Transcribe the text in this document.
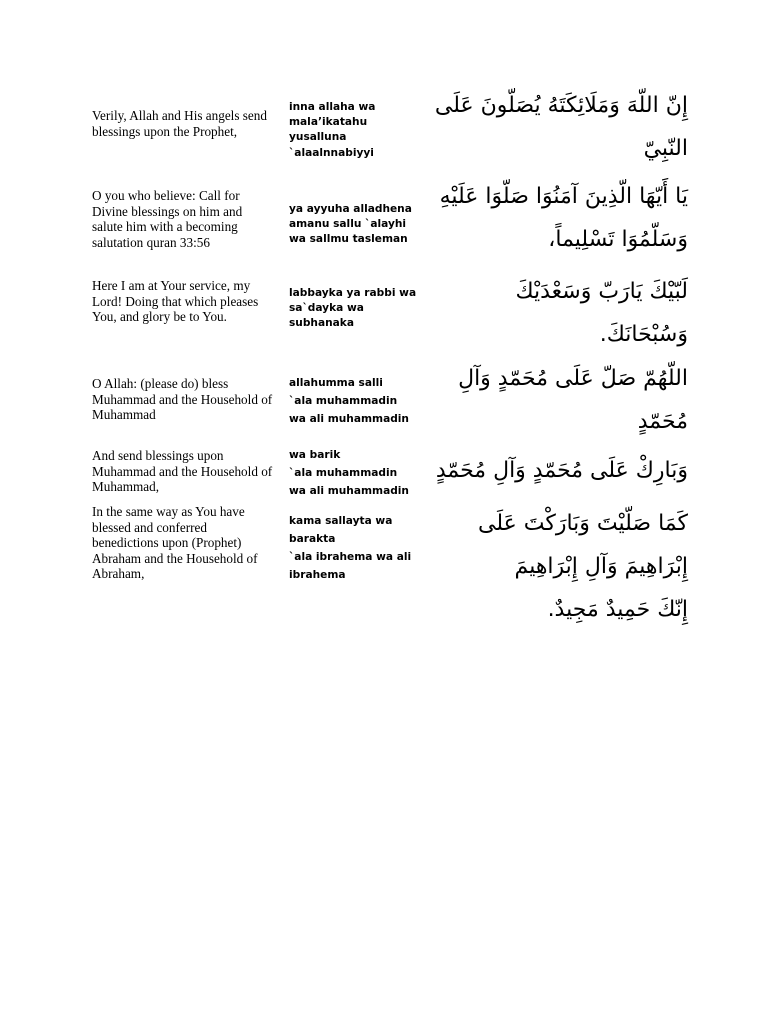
Verily, Allah and His angels send blessings upon the Prophet,
inna allaha wa
mala’ikatahu
yusalluna
`alaalnnabiyyi
إِنّ اللّهَ وَمَلَائِكَتَهُ يُصَلّونَ عَلَى
النّبِيّ
O you who believe: Call for Divine blessings on him and salute him with a becoming salutation quran 33:56
ya ayyuha alladhena
amanu sallu `alayhi
wa sallmu tasleman
يَا أَيّهَا الّذِينَ آمَنُوَا صَلّوَا عَلَيْهِ
وَسَلّمُوَا تَسْلِيماً،
Here I am at Your service, my Lord! Doing that which pleases You, and glory be to You.
labbayka ya rabbi wa
sa`dayka wa
subhanaka
لَبّيْكَ يَارَبّ وَسَعْدَيْكَ
وَسُبْحَانَكَ.
O Allah: (please do) bless Muhammad and the Household of Muhammad
allahumma salli
`ala muhammadin
wa ali muhammadin
اللّهُمّ صَلّ عَلَى مُحَمّدٍ وَآلِ
مُحَمّدٍ
And send blessings upon Muhammad and the Household of Muhammad,
wa barik
`ala muhammadin
wa ali muhammadin
وَبَارِكْ عَلَى مُحَمّدٍ وَآلِ مُحَمّدٍ
In the same way as You have blessed and conferred benedictions upon (Prophet) Abraham and the Household of Abraham,
kama sallayta wa
barakta
`ala ibrahema wa ali
ibrahema
كَمَا صَلّيْتَ وَبَارَكْتَ عَلَى
إِبْرَاهِيمَ وَآلِ إِبْرَاهِيمَ
إِنّكَ حَمِيدٌ مَجِيدٌ.
